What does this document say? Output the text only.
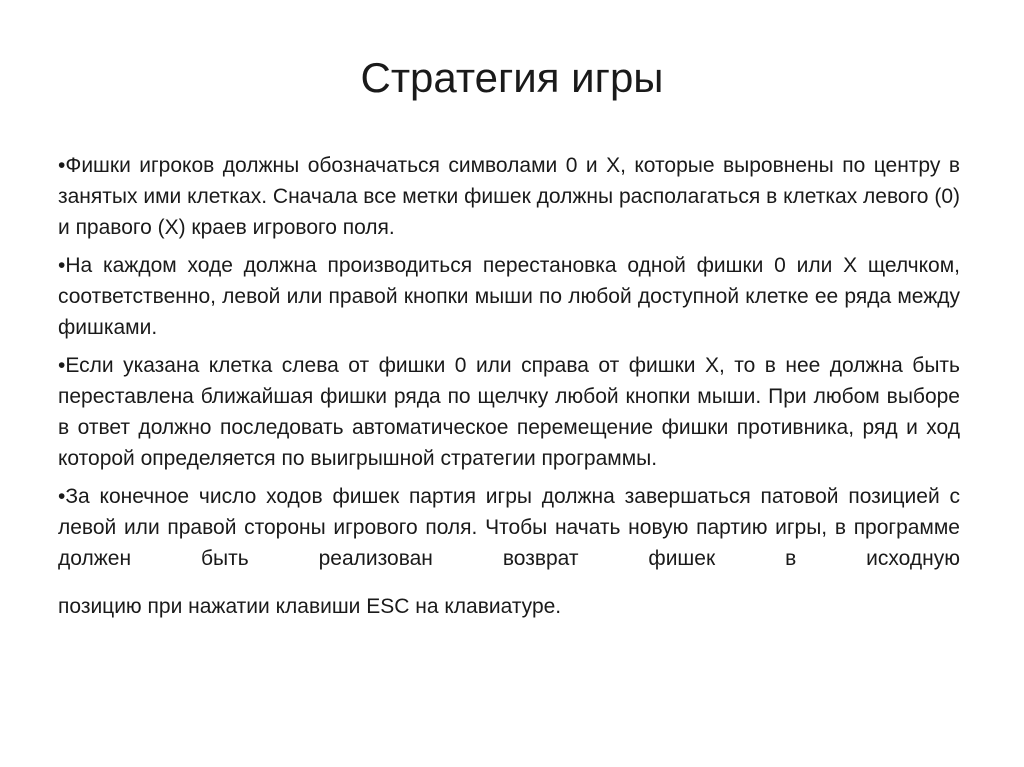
Стратегия игры

•Фишки игроков должны обозначаться символами 0 и X, которые выровнены по центру в занятых ими клетках. Сначала все метки фишек должны располагаться в клетках левого (0) и правого (X) краев игрового поля.

•На каждом ходе должна производиться перестановка одной фишки 0 или X щелчком, соответственно, левой или правой кнопки мыши по любой доступной клетке ее ряда между фишками.

•Если указана клетка слева от фишки 0 или справа от фишки X, то в нее должна быть переставлена ближайшая фишки ряда по щелчку любой кнопки мыши. При любом выборе в ответ должно последовать автоматическое перемещение фишки противника, ряд и ход которой определяется по выигрышной стратегии программы.

•За конечное число ходов фишек партия игры должна завершаться патовой позицией с левой или правой стороны игрового поля. Чтобы начать новую партию игры, в программе должен быть реализован возврат фишек в исходную

позицию при нажатии клавиши ESC на клавиатуре.
